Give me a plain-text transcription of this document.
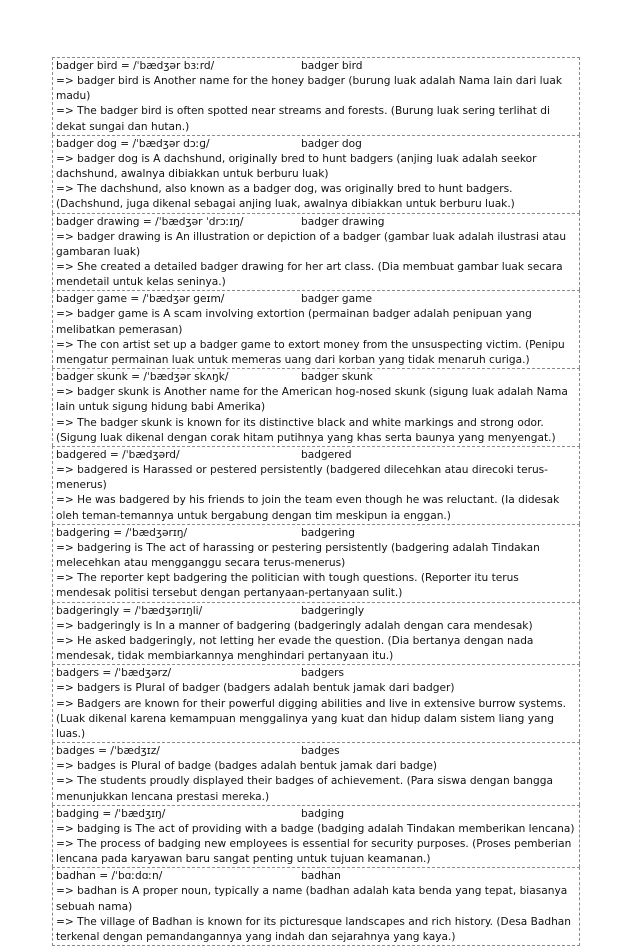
badger bird = /ˈbædʒər bɜːrd/	badger bird

=> badger bird is Another name for the honey badger (burung luak adalah Nama lain dari luak madu)

=> The badger bird is often spotted near streams and forests. (Burung luak sering terlihat di dekat sungai dan hutan.)

badger dog = /ˈbædʒər dɔːɡ/	badger dog

=> badger dog is A dachshund, originally bred to hunt badgers (anjing luak adalah seekor dachshund, awalnya dibiakkan untuk berburu luak)

=> The dachshund, also known as a badger dog, was originally bred to hunt badgers. (Dachshund, juga dikenal sebagai anjing luak, awalnya dibiakkan untuk berburu luak.)

badger drawing = /ˈbædʒər ˈdrɔːɪŋ/	badger drawing

=> badger drawing is An illustration or depiction of a badger (gambar luak adalah ilustrasi atau gambaran luak)

=> She created a detailed badger drawing for her art class. (Dia membuat gambar luak secara mendetail untuk kelas seninya.)

badger game = /ˈbædʒər ɡeɪm/	badger game

=> badger game is A scam involving extortion (permainan badger adalah penipuan yang melibatkan pemerasan)

=> The con artist set up a badger game to extort money from the unsuspecting victim. (Penipu mengatur permainan luak untuk memeras uang dari korban yang tidak menaruh curiga.)

badger skunk = /ˈbædʒər skʌŋk/	badger skunk

=> badger skunk is Another name for the American hog-nosed skunk (sigung luak adalah Nama lain untuk sigung hidung babi Amerika)

=> The badger skunk is known for its distinctive black and white markings and strong odor. (Sigung luak dikenal dengan corak hitam putihnya yang khas serta baunya yang menyengat.)

badgered = /ˈbædʒərd/	badgered

=> badgered is Harassed or pestered persistently (badgered dilecehkan atau direcoki terus-menerus)

=> He was badgered by his friends to join the team even though he was reluctant. (Ia didesak oleh teman-temannya untuk bergabung dengan tim meskipun ia enggan.)

badgering = /ˈbædʒərɪŋ/	badgering

=> badgering is The act of harassing or pestering persistently (badgering adalah Tindakan melecehkan atau mengganggu secara terus-menerus)

=> The reporter kept badgering the politician with tough questions. (Reporter itu terus mendesak politisi tersebut dengan pertanyaan-pertanyaan sulit.)

badgeringly = /ˈbædʒərɪŋli/	badgeringly

=> badgeringly is In a manner of badgering (badgeringly adalah dengan cara mendesak)

=> He asked badgeringly, not letting her evade the question. (Dia bertanya dengan nada mendesak, tidak membiarkannya menghindari pertanyaan itu.)

badgers = /ˈbædʒərz/	badgers

=> badgers is Plural of badger (badgers adalah bentuk jamak dari badger)

=> Badgers are known for their powerful digging abilities and live in extensive burrow systems. (Luak dikenal karena kemampuan menggalinya yang kuat dan hidup dalam sistem liang yang luas.)

badges = /ˈbædʒɪz/	badges

=> badges is Plural of badge (badges adalah bentuk jamak dari badge)

=> The students proudly displayed their badges of achievement. (Para siswa dengan bangga menunjukkan lencana prestasi mereka.)

badging = /ˈbædʒɪŋ/	badging

=> badging is The act of providing with a badge (badging adalah Tindakan memberikan lencana)

=> The process of badging new employees is essential for security purposes. (Proses pemberian lencana pada karyawan baru sangat penting untuk tujuan keamanan.)

badhan = /ˈbɑːdɑːn/	badhan

=> badhan is A proper noun, typically a name (badhan adalah kata benda yang tepat, biasanya sebuah nama)

=> The village of Badhan is known for its picturesque landscapes and rich history. (Desa Badhan terkenal dengan pemandangannya yang indah dan sejarahnya yang kaya.)
